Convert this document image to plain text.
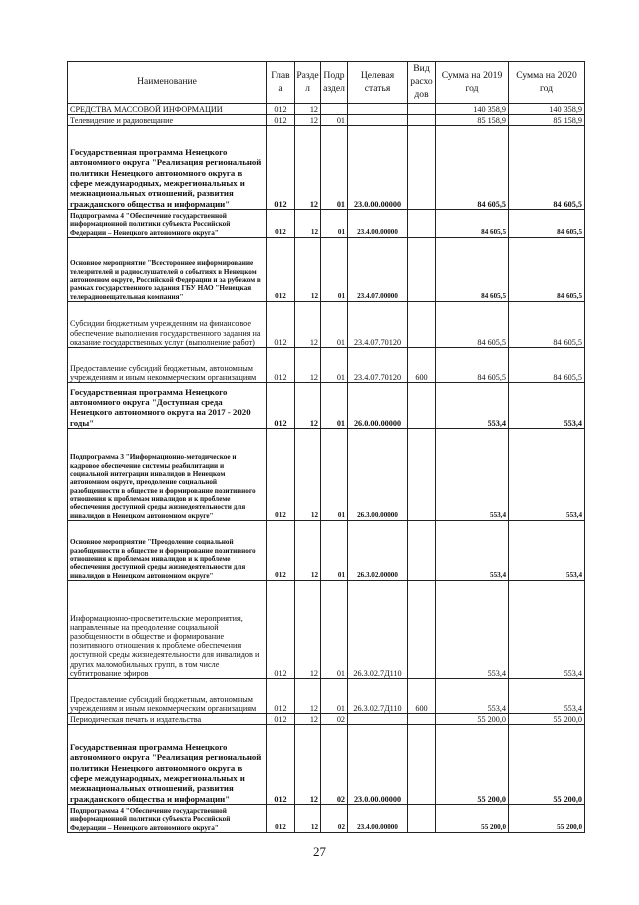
Наименование	Глав а	Разде л	Подр аздел	Целевая статья	Вид расхо дов	Сумма на 2019 год	Сумма на 2020 год
СРЕДСТВА МАССОВОЙ ИНФОРМАЦИИ	012	12				140 358,9	140 358,9
Телевидение и радиовещание	012	12	01			85 158,9	85 158,9
Государственная программа Ненецкого автономного округа "Реализация региональной политики Ненецкого автономного округа в сфере международных, межрегиональных и межнациональных отношений, развития гражданского общества и информации"	012	12	01	23.0.00.00000		84 605,5	84 605,5
Подпрограмма 4 "Обеспечение государственной информационной политики субъекта Российской Федерации – Ненецкого автономного округа"	012	12	01	23.4.00.00000		84 605,5	84 605,5
Основное мероприятие "Всестороннее информирование телезрителей и радиослушателей о событиях в Ненецком автономном округе, Российской Федерации и за рубежом в рамках государственного задания ГБУ НАО "Ненецкая телерадиовещательная компания"	012	12	01	23.4.07.00000		84 605,5	84 605,5
Субсидии бюджетным учреждениям на финансовое обеспечение выполнения государственного задания на оказание государственных услуг (выполнение работ)	012	12	01	23.4.07.70120		84 605,5	84 605,5
Предоставление субсидий бюджетным, автономным учреждениям и иным некоммерческим организациям	012	12	01	23.4.07.70120	600	84 605,5	84 605,5
Государственная программа Ненецкого автономного округа "Доступная среда Ненецкого автономного округа на 2017 - 2020 годы"	012	12	01	26.0.00.00000		553,4	553,4
Подпрограмма 3 "Информационно-методическое и кадровое обеспечение системы реабилитации и социальной интеграции инвалидов в Ненецком автономном округе, преодоление социальной разобщенности в обществе и формирование позитивного отношения к проблемам инвалидов и к проблеме обеспечения доступной среды жизнедеятельности для инвалидов в Ненецком автономном округе"	012	12	01	26.3.00.00000		553,4	553,4
Основное мероприятие "Преодоление социальной разобщенности в обществе и формирование позитивного отношения к проблемам инвалидов и к проблеме обеспечения доступной среды жизнедеятельности для инвалидов в Ненецком автономном округе"	012	12	01	26.3.02.00000		553,4	553,4
Информационно-просветительские мероприятия, направленные на преодоление социальной разобщенности в обществе и формирование позитивного отношения к проблеме обеспечения доступной среды жизнедеятельности для инвалидов и других маломобильных групп, в том числе субтитрование эфиров	012	12	01	26.3.02.7Д110		553,4	553,4
Предоставление субсидий бюджетным, автономным учреждениям и иным некоммерческим организациям	012	12	01	26.3.02.7Д110	600	553,4	553,4
Периодическая печать и издательства	012	12	02			55 200,0	55 200,0
Государственная программа Ненецкого автономного округа "Реализация региональной политики Ненецкого автономного округа в сфере международных, межрегиональных и межнациональных отношений, развития гражданского общества и информации"	012	12	02	23.0.00.00000		55 200,0	55 200,0
Подпрограмма 4 "Обеспечение государственной информационной политики субъекта Российской Федерации – Ненецкого автономного округа"	012	12	02	23.4.00.00000		55 200,0	55 200,0
27
